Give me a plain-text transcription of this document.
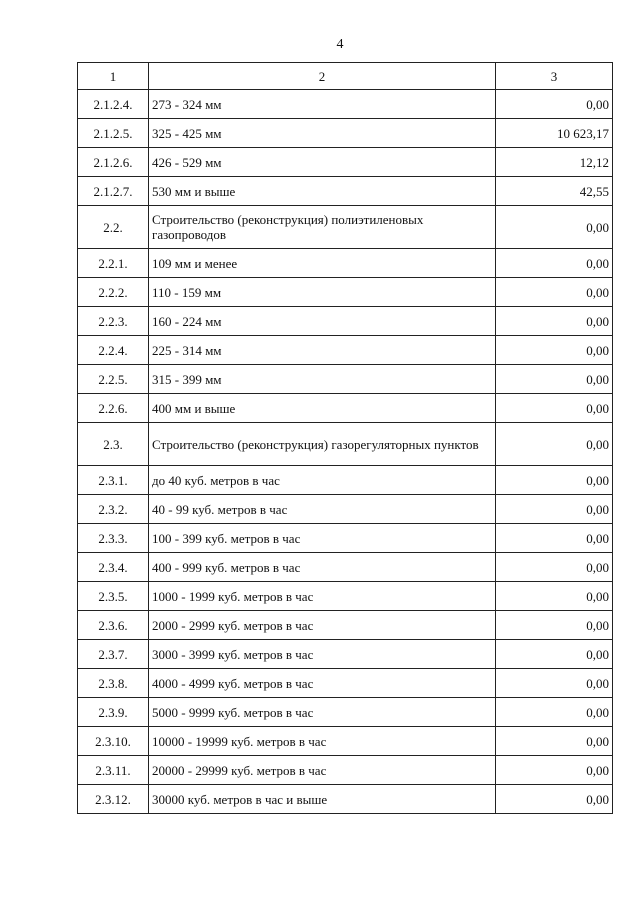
4
1	2	3
2.1.2.4.	273 - 324 мм	0,00
2.1.2.5.	325 - 425 мм	10 623,17
2.1.2.6.	426 - 529 мм	12,12
2.1.2.7.	530 мм и выше	42,55
2.2.	Строительство (реконструкция) полиэтиленовых газопроводов	0,00
2.2.1.	109 мм и менее	0,00
2.2.2.	110 - 159 мм	0,00
2.2.3.	160 - 224 мм	0,00
2.2.4.	225 - 314 мм	0,00
2.2.5.	315 - 399 мм	0,00
2.2.6.	400 мм и выше	0,00
2.3.	Строительство (реконструкция) газорегуляторных пунктов	0,00
2.3.1.	до 40 куб. метров в час	0,00
2.3.2.	40 - 99 куб. метров в час	0,00
2.3.3.	100 - 399 куб. метров в час	0,00
2.3.4.	400 - 999 куб. метров в час	0,00
2.3.5.	1000 - 1999 куб. метров в час	0,00
2.3.6.	2000 - 2999 куб. метров в час	0,00
2.3.7.	3000 - 3999 куб. метров в час	0,00
2.3.8.	4000 - 4999 куб. метров в час	0,00
2.3.9.	5000 - 9999 куб. метров в час	0,00
2.3.10.	10000 - 19999 куб. метров в час	0,00
2.3.11.	20000 - 29999 куб. метров в час	0,00
2.3.12.	30000 куб. метров в час и выше	0,00
